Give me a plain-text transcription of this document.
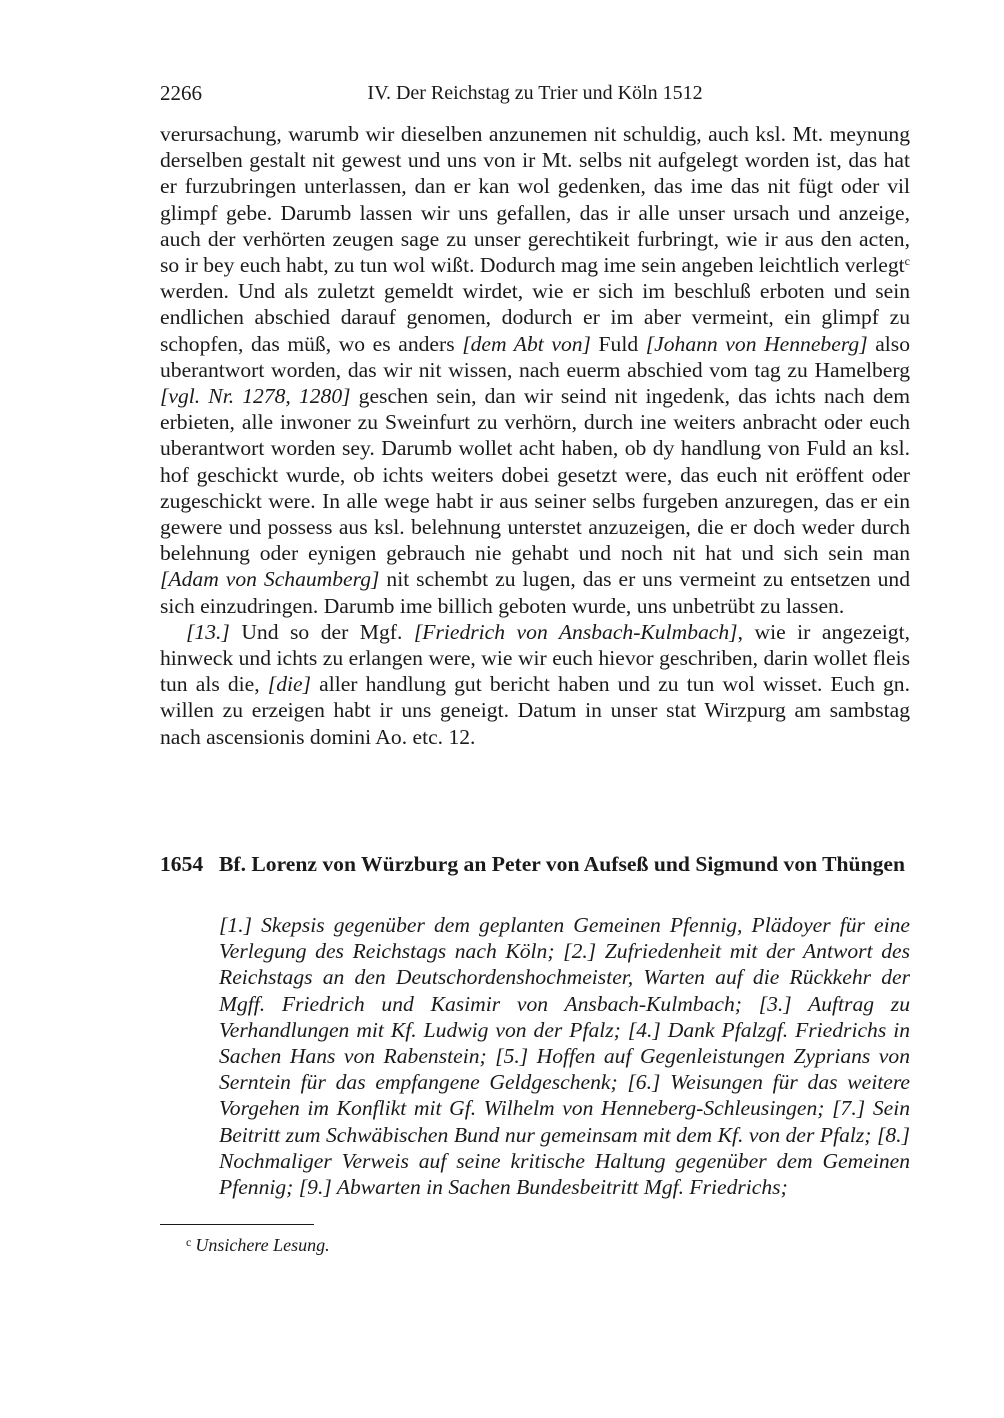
2266	IV. Der Reichstag zu Trier und Köln 1512

verursachung, warumb wir dieselben anzunemen nit schuldig, auch ksl. Mt. meynung derselben gestalt nit gewest und uns von ir Mt. selbs nit aufgelegt worden ist, das hat er furzubringen unterlassen, dan er kan wol gedenken, das ime das nit fügt oder vil glimpf gebe. Darumb lassen wir uns gefallen, das ir alle unser ursach und anzeige, auch der verhörten zeugen sage zu unser gerechtikeit furbringt, wie ir aus den acten, so ir bey euch habt, zu tun wol wißt. Dodurch mag ime sein angeben leichtlich verlegt$^c$ werden. Und als zuletzt gemeldt wirdet, wie er sich im beschluß erboten und sein endlichen abschied darauf genomen, dodurch er im aber vermeint, ein glimpf zu schopfen, das müß, wo es anders [dem Abt von] Fuld [Johann von Henneberg] also uberantwort worden, das wir nit wissen, nach euerm abschied vom tag zu Hamelberg [vgl. Nr. 1278, 1280] geschen sein, dan wir seind nit ingedenk, das ichts nach dem erbieten, alle inwoner zu Sweinfurt zu verhörn, durch ine weiters anbracht oder euch uberantwort worden sey. Darumb wollet acht haben, ob dy handlung von Fuld an ksl. hof geschickt wurde, ob ichts weiters dobei gesetzt were, das euch nit eröffent oder zugeschickt were. In alle wege habt ir aus seiner selbs furgeben anzuregen, das er ein gewere und possess aus ksl. belehnung unterstet anzuzeigen, die er doch weder durch belehnung oder eynigen gebrauch nie gehabt und noch nit hat und sich sein man [Adam von Schaumberg] nit schembt zu lugen, das er uns vermeint zu entsetzen und sich einzudringen. Darumb ime billich geboten wurde, uns unbetrübt zu lassen.

[13.] Und so der Mgf. [Friedrich von Ansbach-Kulmbach], wie ir angezeigt, hinweck und ichts zu erlangen were, wie wir euch hievor geschriben, darin wollet fleis tun als die, [die] aller handlung gut bericht haben und zu tun wol wisset. Euch gn. willen zu erzeigen habt ir uns geneigt. Datum in unser stat Wirzpurg am sambstag nach ascensionis domini Ao. etc. 12.

1654 Bf. Lorenz von Würzburg an Peter von Aufseß und Sigmund von Thüngen
[1.] Skepsis gegenüber dem geplanten Gemeinen Pfennig, Plädoyer für eine Verlegung des Reichstags nach Köln; [2.] Zufriedenheit mit der Antwort des Reichstags an den Deutschordenshochmeister, Warten auf die Rückkehr der Mgff. Friedrich und Kasimir von Ansbach-Kulmbach; [3.] Auftrag zu Verhandlungen mit Kf. Ludwig von der Pfalz; [4.] Dank Pfalzgf. Friedrichs in Sachen Hans von Rabenstein; [5.] Hoffen auf Gegenleistungen Zyprians von Serntein für das empfangene Geldgeschenk; [6.] Weisungen für das weitere Vorgehen im Konflikt mit Gf. Wilhelm von Henneberg-Schleusingen; [7.] Sein Beitritt zum Schwäbischen Bund nur gemeinsam mit dem Kf. von der Pfalz; [8.] Nochmaliger Verweis auf seine kritische Haltung gegenüber dem Gemeinen Pfennig; [9.] Abwarten in Sachen Bundesbeitritt Mgf. Friedrichs;
$^c$ Unsichere Lesung.
